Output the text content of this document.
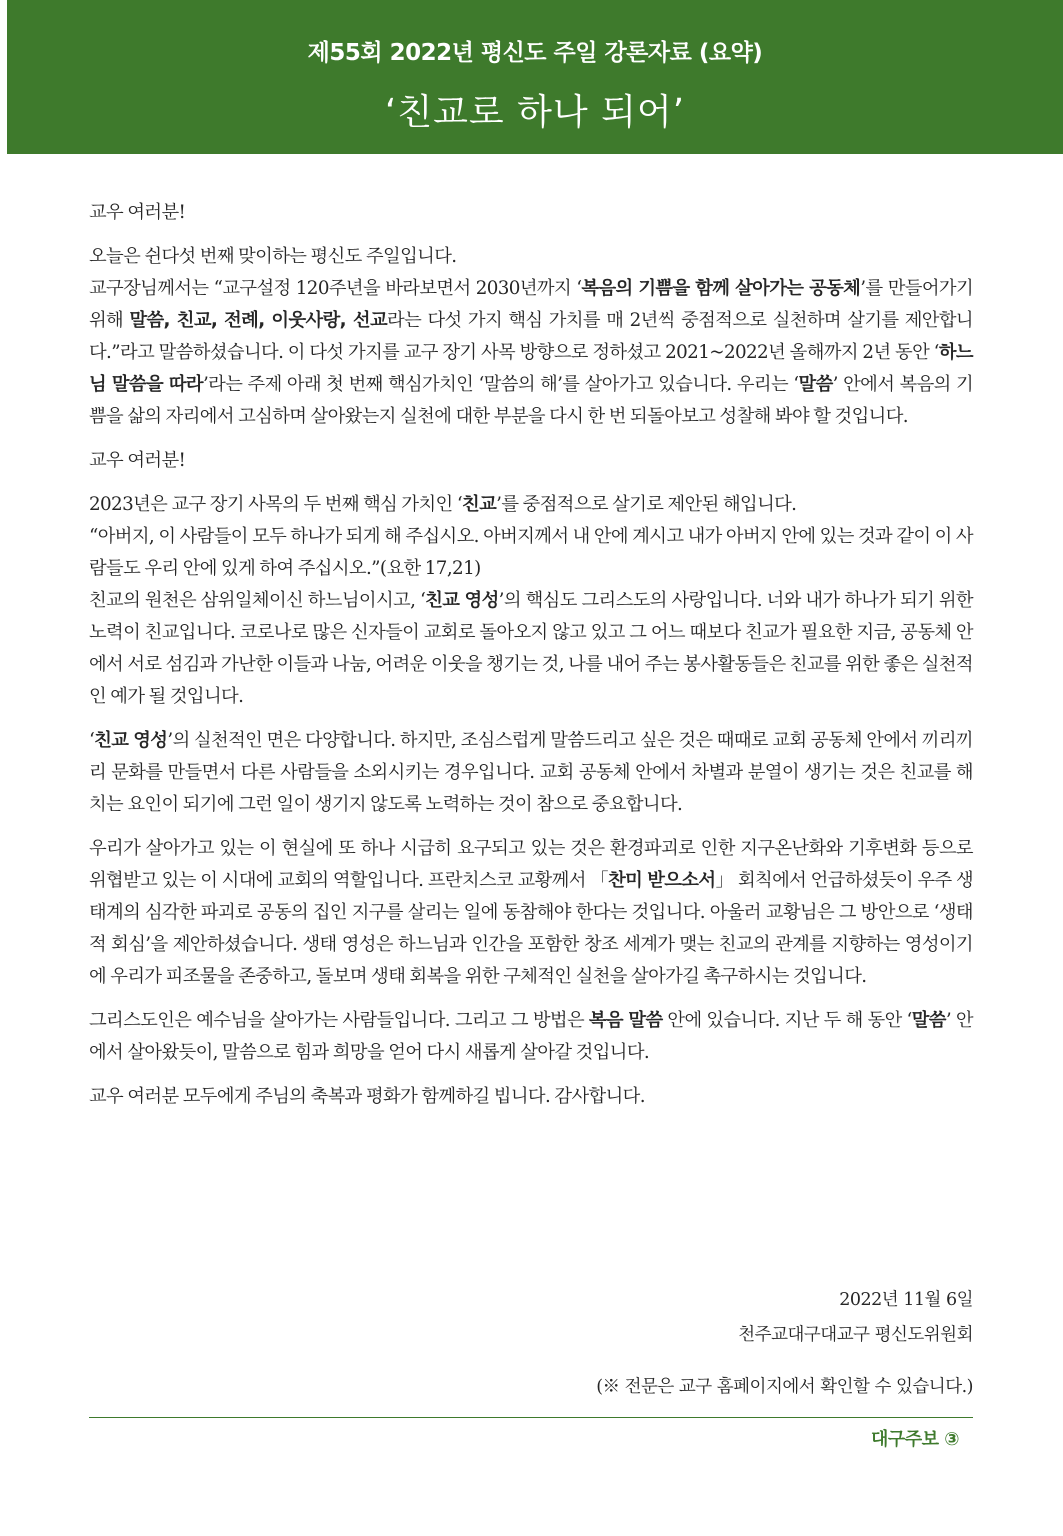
제55회 2022년 평신도 주일 강론자료 (요약)
‘친교로 하나 되어’

교우 여러분!

오늘은 쉰다섯 번째 맞이하는 평신도 주일입니다.
교구장님께서는 “교구설정 120주년을 바라보면서 2030년까지 ‘복음의 기쁨을 함께 살아가는 공동체’를 만들어가기 위해 말씀, 친교, 전례, 이웃사랑, 선교라는 다섯 가지 핵심 가치를 매 2년씩 중점적으로 실천하며 살기를 제안합니다.”라고 말씀하셨습니다. 이 다섯 가지를 교구 장기 사목 방향으로 정하셨고 2021~2022년 올해까지 2년 동안 ‘하느님 말씀을 따라’라는 주제 아래 첫 번째 핵심가치인 ‘말씀의 해’를 살아가고 있습니다. 우리는 ‘말씀’ 안에서 복음의 기쁨을 삶의 자리에서 고심하며 살아왔는지 실천에 대한 부분을 다시 한 번 되돌아보고 성찰해 봐야 할 것입니다.

교우 여러분!

2023년은 교구 장기 사목의 두 번째 핵심 가치인 ‘친교’를 중점적으로 살기로 제안된 해입니다.
“아버지, 이 사람들이 모두 하나가 되게 해 주십시오. 아버지께서 내 안에 계시고 내가 아버지 안에 있는 것과 같이 이 사람들도 우리 안에 있게 하여 주십시오.”(요한 17,21)
친교의 원천은 삼위일체이신 하느님이시고, ‘친교 영성’의 핵심도 그리스도의 사랑입니다. 너와 내가 하나가 되기 위한 노력이 친교입니다. 코로나로 많은 신자들이 교회로 돌아오지 않고 있고 그 어느 때보다 친교가 필요한 지금, 공동체 안에서 서로 섬김과 가난한 이들과 나눔, 어려운 이웃을 챙기는 것, 나를 내어 주는 봉사활동들은 친교를 위한 좋은 실천적인 예가 될 것입니다.

‘친교 영성’의 실천적인 면은 다양합니다. 하지만, 조심스럽게 말씀드리고 싶은 것은 때때로 교회 공동체 안에서 끼리끼리 문화를 만들면서 다른 사람들을 소외시키는 경우입니다. 교회 공동체 안에서 차별과 분열이 생기는 것은 친교를 해치는 요인이 되기에 그런 일이 생기지 않도록 노력하는 것이 참으로 중요합니다.

우리가 살아가고 있는 이 현실에 또 하나 시급히 요구되고 있는 것은 환경파괴로 인한 지구온난화와 기후변화 등으로 위협받고 있는 이 시대에 교회의 역할입니다. 프란치스코 교황께서 「찬미 받으소서」 회칙에서 언급하셨듯이 우주 생태계의 심각한 파괴로 공동의 집인 지구를 살리는 일에 동참해야 한다는 것입니다. 아울러 교황님은 그 방안으로 ‘생태적 회심’을 제안하셨습니다. 생태 영성은 하느님과 인간을 포함한 창조 세계가 맺는 친교의 관계를 지향하는 영성이기에 우리가 피조물을 존중하고, 돌보며 생태 회복을 위한 구체적인 실천을 살아가길 촉구하시는 것입니다.

그리스도인은 예수님을 살아가는 사람들입니다. 그리고 그 방법은 복음 말씀 안에 있습니다. 지난 두 해 동안 ‘말씀’ 안에서 살아왔듯이, 말씀으로 힘과 희망을 얻어 다시 새롭게 살아갈 것입니다.

교우 여러분 모두에게 주님의 축복과 평화가 함께하길 빕니다. 감사합니다.

2022년 11월 6일
천주교대구대교구 평신도위원회
(※ 전문은 교구 홈페이지에서 확인할 수 있습니다.)
대구주보 ③
